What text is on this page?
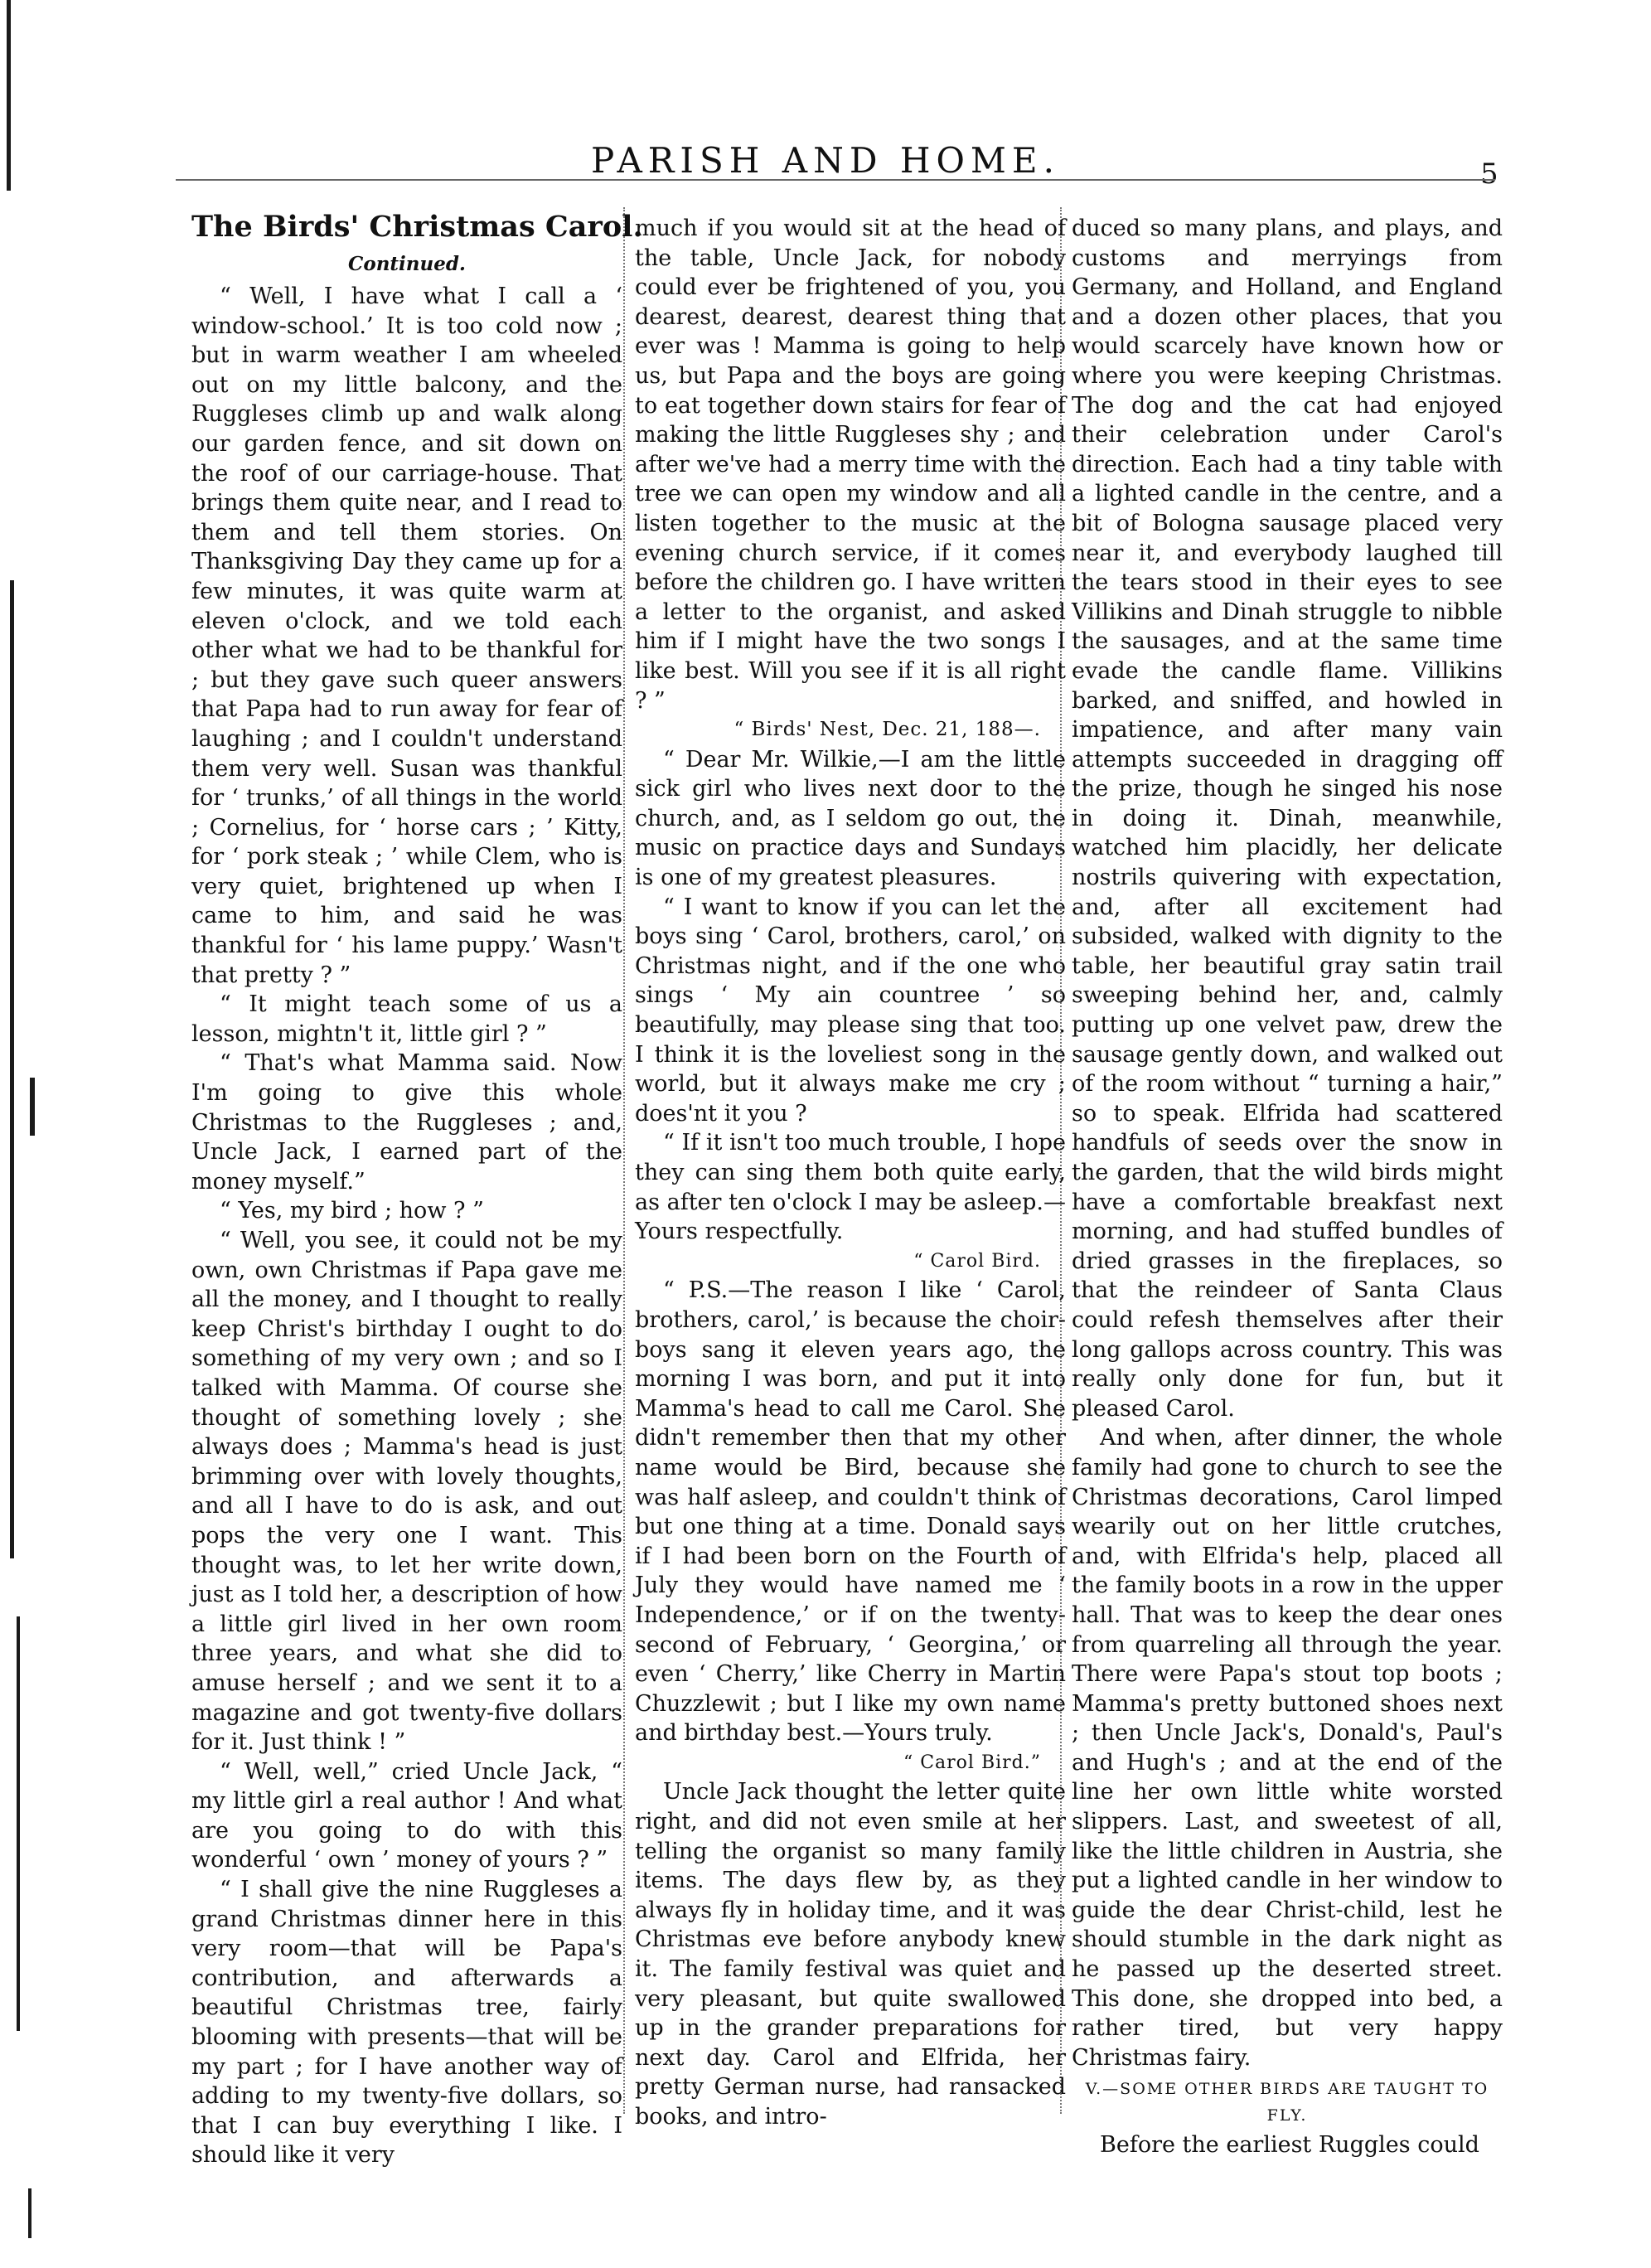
PARISH AND HOME.	5
The Birds' Christmas Carol.
Continued.

“ Well, I have what I call a ‘ window-school.’ It is too cold now ; but in warm weather I am wheeled out on my little balcony, and the Ruggleses climb up and walk along our garden fence, and sit down on the roof of our carriage-house. That brings them quite near, and I read to them and tell them stories. On Thanksgiving Day they came up for a few minutes, it was quite warm at eleven o'clock, and we told each other what we had to be thankful for ; but they gave such queer answers that Papa had to run away for fear of laughing ; and I couldn't understand them very well. Susan was thankful for ‘ trunks,’ of all things in the world ; Cornelius, for ‘ horse cars ; ’ Kitty, for ‘ pork steak ; ’ while Clem, who is very quiet, brightened up when I came to him, and said he was thankful for ‘ his lame puppy.’ Wasn't that pretty ? ”

“ It might teach some of us a lesson, mightn't it, little girl ? ”

“ That's what Mamma said. Now I'm going to give this whole Christmas to the Ruggleses ; and, Uncle Jack, I earned part of the money myself.”

“ Yes, my bird ; how ? ”

“ Well, you see, it could not be my own, own Christmas if Papa gave me all the money, and I thought to really keep Christ's birthday I ought to do something of my very own ; and so I talked with Mamma. Of course she thought of something lovely ; she always does ; Mamma's head is just brimming over with lovely thoughts, and all I have to do is ask, and out pops the very one I want. This thought was, to let her write down, just as I told her, a description of how a little girl lived in her own room three years, and what she did to amuse herself ; and we sent it to a magazine and got twenty-five dollars for it. Just think ! ”

“ Well, well,” cried Uncle Jack, “ my little girl a real author ! And what are you going to do with this wonderful ‘ own ’ money of yours ? ”

“ I shall give the nine Ruggleses a grand Christmas dinner here in this very room—that will be Papa's contribution, and afterwards a beautiful Christmas tree, fairly blooming with presents—that will be my part ; for I have another way of adding to my twenty-five dollars, so that I can buy everything I like. I should like it very

much if you would sit at the head of the table, Uncle Jack, for nobody could ever be frightened of you, you dearest, dearest, dearest thing that ever was ! Mamma is going to help us, but Papa and the boys are going to eat together down stairs for fear of making the little Ruggleses shy ; and after we've had a merry time with the tree we can open my window and all listen together to the music at the evening church service, if it comes before the children go. I have written a letter to the organist, and asked him if I might have the two songs I like best. Will you see if it is all right ? ”

“ Birds' Nest, Dec. 21, 188—.

“ Dear Mr. Wilkie,—I am the little sick girl who lives next door to the church, and, as I seldom go out, the music on practice days and Sundays is one of my greatest pleasures.

“ I want to know if you can let the boys sing ‘ Carol, brothers, carol,’ on Christmas night, and if the one who sings ‘ My ain countree ’ so beautifully, may please sing that too. I think it is the loveliest song in the world, but it always make me cry ; does'nt it you ?

“ If it isn't too much trouble, I hope they can sing them both quite early, as after ten o'clock I may be asleep.—Yours respectfully.

“ Carol Bird.

“ P.S.—The reason I like ‘ Carol, brothers, carol,’ is because the choir-boys sang it eleven years ago, the morning I was born, and put it into Mamma's head to call me Carol. She didn't remember then that my other name would be Bird, because she was half asleep, and couldn't think of but one thing at a time. Donald says if I had been born on the Fourth of July they would have named me ‘ Independence,’ or if on the twenty-second of February, ‘ Georgina,’ or even ‘ Cherry,’ like Cherry in Martin Chuzzlewit ; but I like my own name and birthday best.—Yours truly.

“ Carol Bird.”

Uncle Jack thought the letter quite right, and did not even smile at her telling the organist so many family items. The days flew by, as they always fly in holiday time, and it was Christmas eve before anybody knew it. The family festival was quiet and very pleasant, but quite swallowed up in the grander preparations for next day. Carol and Elfrida, her pretty German nurse, had ransacked books, and intro-

duced so many plans, and plays, and customs and merryings from Germany, and Holland, and England and a dozen other places, that you would scarcely have known how or where you were keeping Christmas. The dog and the cat had enjoyed their celebration under Carol's direction. Each had a tiny table with a lighted candle in the centre, and a bit of Bologna sausage placed very near it, and everybody laughed till the tears stood in their eyes to see Villikins and Dinah struggle to nibble the sausages, and at the same time evade the candle flame. Villikins barked, and sniffed, and howled in impatience, and after many vain attempts succeeded in dragging off the prize, though he singed his nose in doing it. Dinah, meanwhile, watched him placidly, her delicate nostrils quivering with expectation, and, after all excitement had subsided, walked with dignity to the table, her beautiful gray satin trail sweeping behind her, and, calmly putting up one velvet paw, drew the sausage gently down, and walked out of the room without “ turning a hair,” so to speak. Elfrida had scattered handfuls of seeds over the snow in the garden, that the wild birds might have a comfortable breakfast next morning, and had stuffed bundles of dried grasses in the fireplaces, so that the reindeer of Santa Claus could refesh themselves after their long gallops across country. This was really only done for fun, but it pleased Carol.

And when, after dinner, the whole family had gone to church to see the Christmas decorations, Carol limped wearily out on her little crutches, and, with Elfrida's help, placed all the family boots in a row in the upper hall. That was to keep the dear ones from quarreling all through the year. There were Papa's stout top boots ; Mamma's pretty buttoned shoes next ; then Uncle Jack's, Donald's, Paul's and Hugh's ; and at the end of the line her own little white worsted slippers. Last, and sweetest of all, like the little children in Austria, she put a lighted candle in her window to guide the dear Christ-child, lest he should stumble in the dark night as he passed up the deserted street. This done, she dropped into bed, a rather tired, but very happy Christmas fairy.

V.—SOME OTHER BIRDS ARE TAUGHT TO FLY.

Before the earliest Ruggles could
